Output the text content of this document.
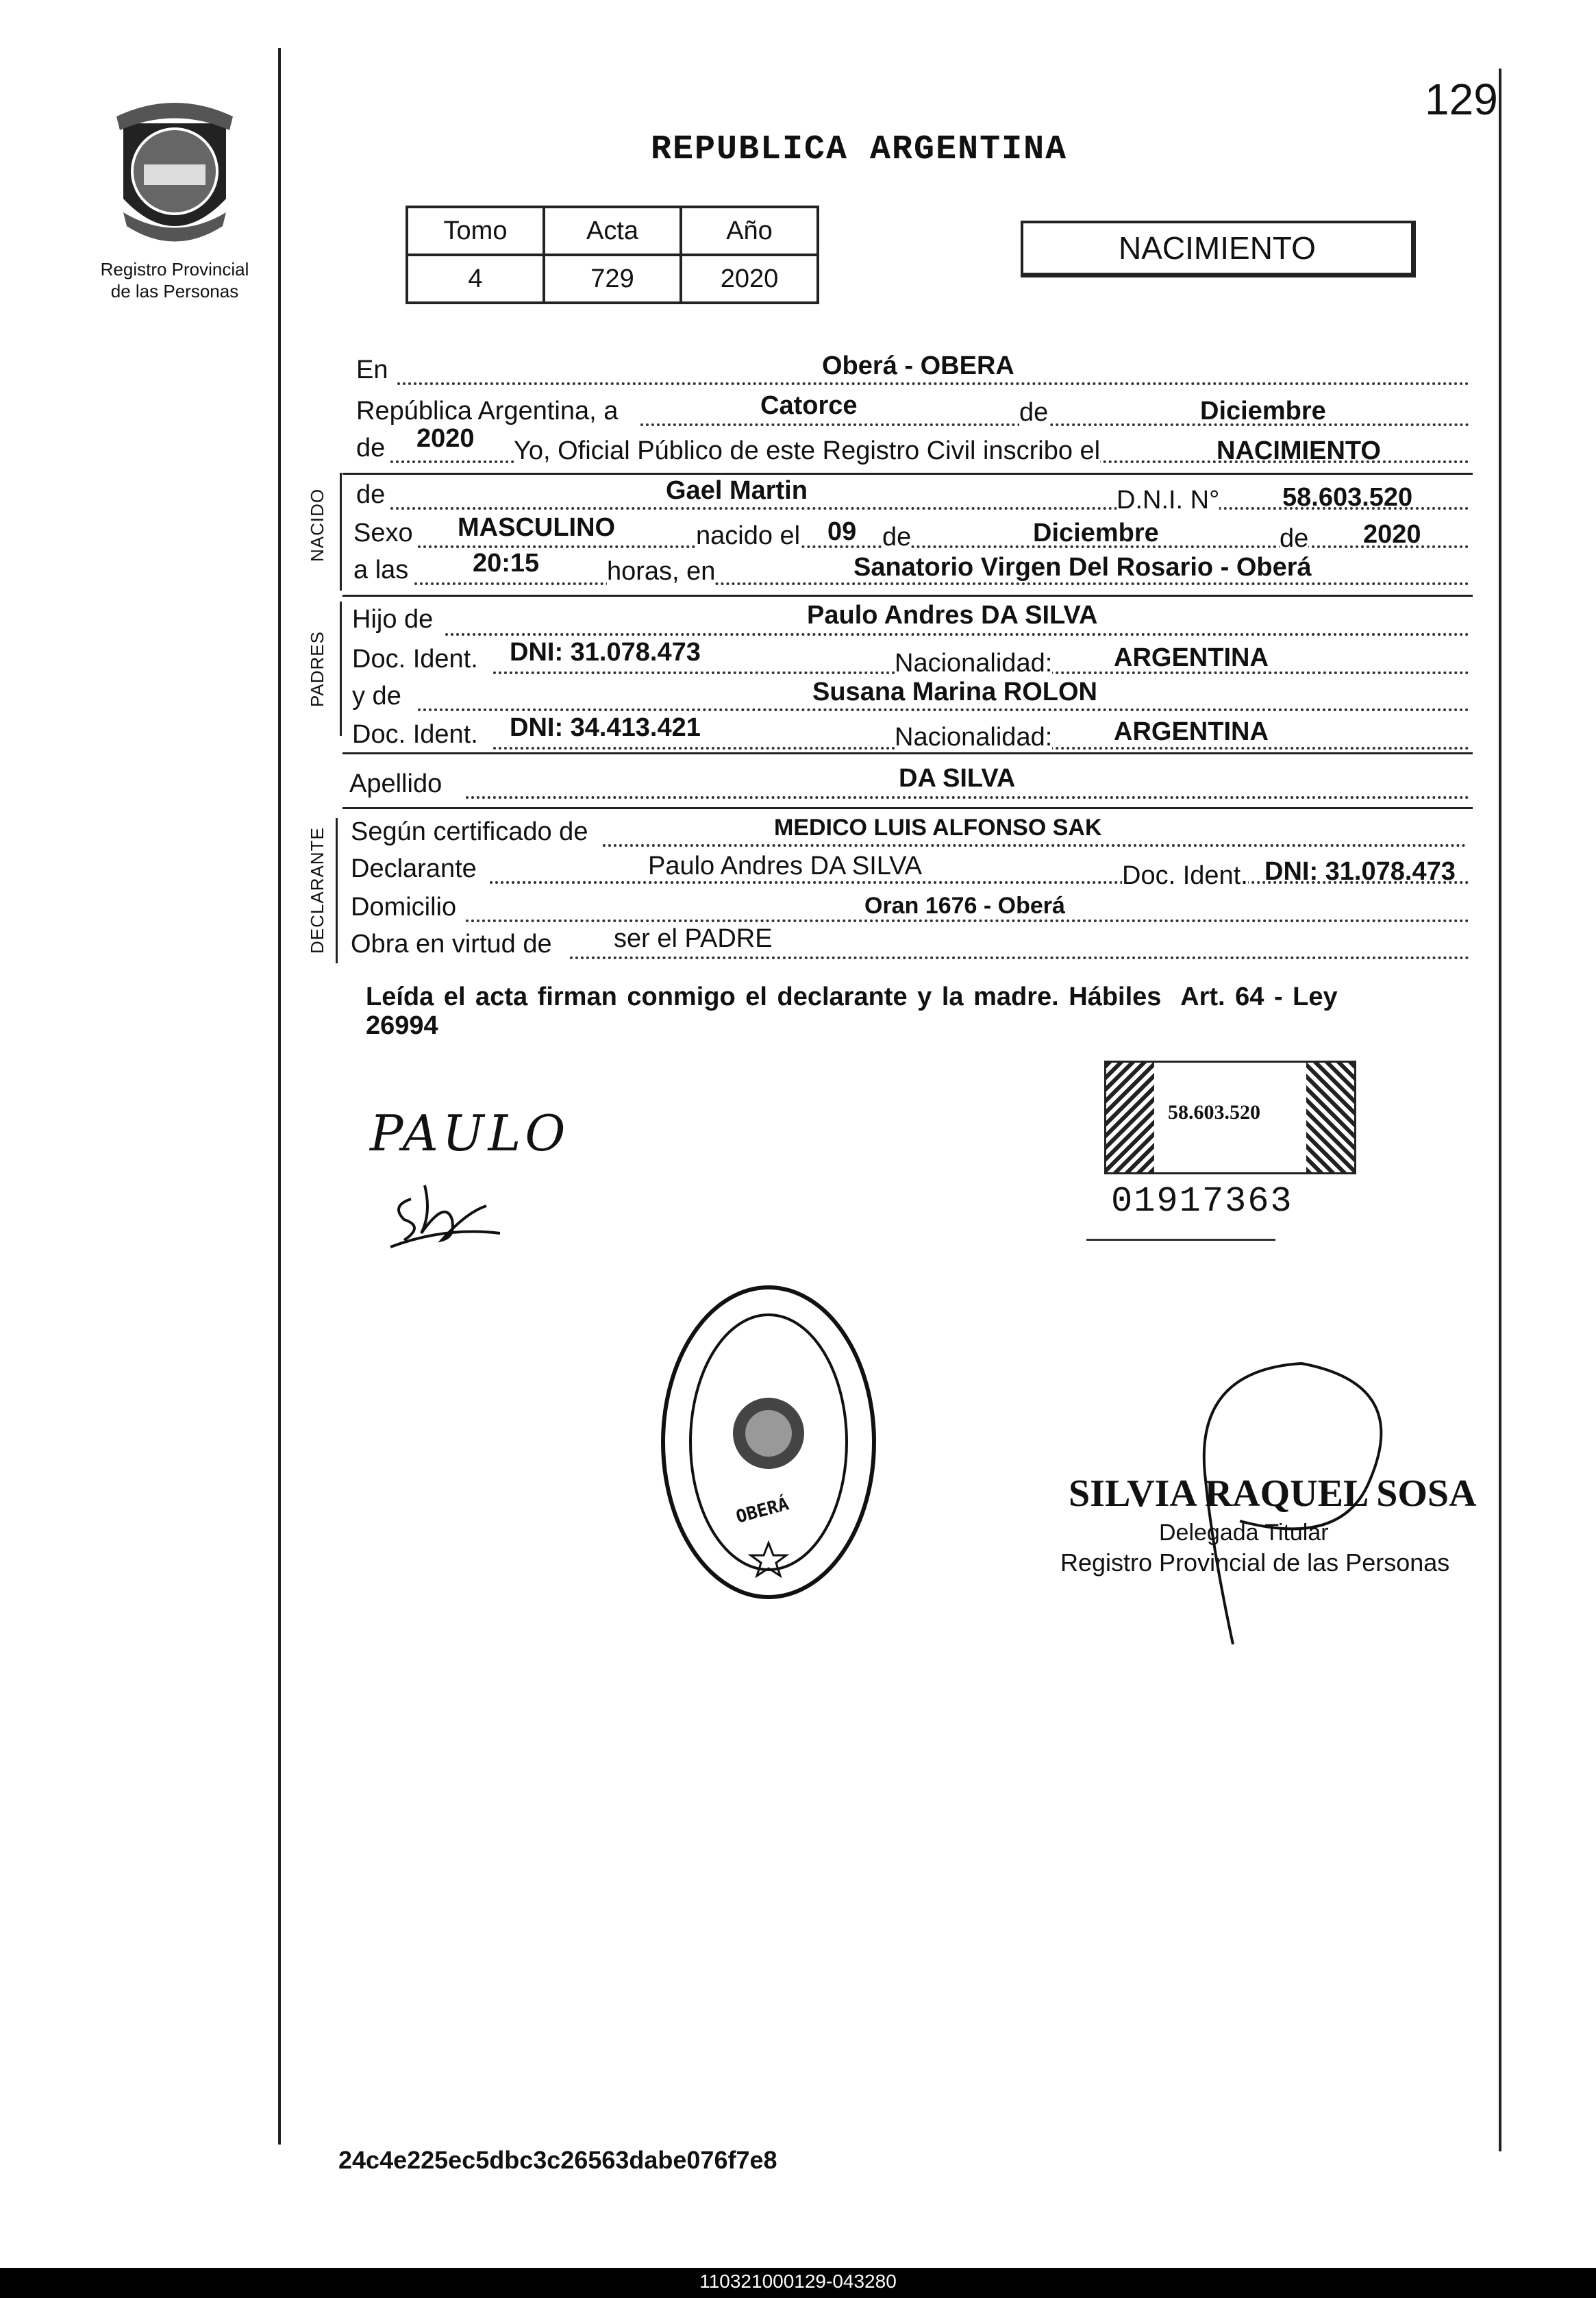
129
Registro Provincial
de las Personas
REPUBLICA ARGENTINA
Tomo	Acta	Año
4	729	2020
NACIMIENTO
En	Oberá - OBERA
República Argentina, a	Catorce	de	Diciembre
de 2020 Yo, Oficial Público de este Registro Civil inscribo el	NACIMIENTO
NACIDO de	Gael Martin	D.N.I. N° 58.603.520
Sexo MASCULINO	nacido el 09 de	Diciembre	de 2020
a las 20:15	horas, en	Sanatorio Virgen Del Rosario - Oberá
PADRES
Hijo de	Paulo Andres DA SILVA
Doc. Ident. DNI: 31.078.473	Nacionalidad: ARGENTINA
y de	Susana Marina ROLON
Doc. Ident. DNI: 34.413.421	Nacionalidad: ARGENTINA
Apellido	DA SILVA
DECLARANTE Según certificado de	MEDICO LUIS ALFONSO SAK
Declarante	Paulo Andres DA SILVA	Doc. Ident. DNI: 31.078.473
Domicilio	Oran 1676 - Oberá
Obra en virtud de ser el PADRE
Leída el acta firman conmigo el declarante y la madre. Hábiles  Art. 64 - Ley
26994
PAULO	58.603.520
01917363
OBERÁ	SILVIA RAQUEL SOSA
Delegada Titular
Registro Provincial de las Personas
24c4e225ec5dbc3c26563dabe076f7e8
110321000129-043280
